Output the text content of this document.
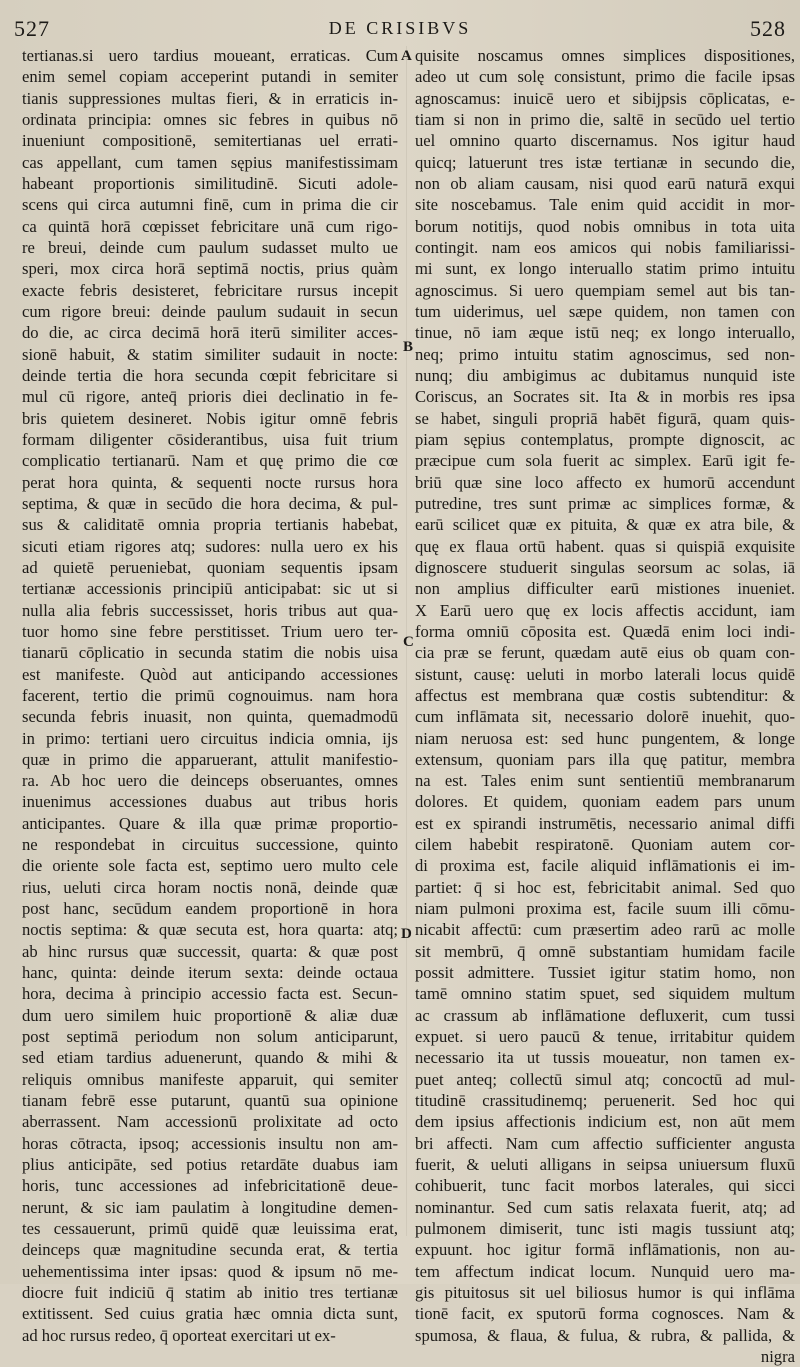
527	DE CRISIBVS	528
A
B
C
D
tertianas.si uero tardius moueant, erraticas. Cum
enim semel copiam acceperint putandi in semiter
tianis suppressiones multas fieri, & in erraticis in-
ordinata principia: omnes sic febres in quibus nō
inueniunt compositionē, semitertianas uel errati-
cas appellant, cum tamen sępius manifestissimam
habeant proportionis similitudinē. Sicuti adole-
scens qui circa autumni finē, cum in prima die cir
ca quintā horā cœpisset febricitare unā cum rigo-
re breui, deinde cum paulum sudasset multo ue
speri, mox circa horā septimā noctis, prius quàm
exacte febris desisteret, febricitare rursus incepit
cum rigore breui: deinde paulum sudauit in secun
do die, ac circa decimā horā iterū similiter acces-
sionē habuit, & statim similiter sudauit in nocte:
deinde tertia die hora secunda cœpit febricitare si
mul cū rigore, anteq̄ prioris diei declinatio in fe-
bris quietem desineret. Nobis igitur omnē febris
formam diligenter cōsiderantibus, uisa fuit trium
complicatio tertianarū. Nam et quę primo die cœ
perat hora quinta, & sequenti nocte rursus hora
septima, & quæ in secūdo die hora decima, & pul-
sus & caliditatē omnia propria tertianis habebat,
sicuti etiam rigores atq; sudores: nulla uero ex his
ad quietē perueniebat, quoniam sequentis ipsam
tertianæ accessionis principiū anticipabat: sic ut si
nulla alia febris successisset, horis tribus aut qua-
tuor homo sine febre perstitisset. Trium uero ter-
tianarū cōplicatio in secunda statim die nobis uisa
est manifeste. Quòd aut anticipando accessiones
facerent, tertio die primū cognouimus. nam hora
secunda febris inuasit, non quinta, quemadmodū
in primo: tertiani uero circuitus indicia omnia, ijs
quæ in primo die apparuerant, attulit manifestio-
ra. Ab hoc uero die deinceps obseruantes, omnes
inuenimus accessiones duabus aut tribus horis
anticipantes. Quare & illa quæ primæ proportio-
ne respondebat in circuitus successione, quinto
die oriente sole facta est, septimo uero multo cele
rius, ueluti circa horam noctis nonā, deinde quæ
post hanc, secūdum eandem proportionē in hora
noctis septima: & quæ secuta est, hora quarta: atq;
ab hinc rursus quæ successit, quarta: & quæ post
hanc, quinta: deinde iterum sexta: deinde octaua
hora, decima à principio accessio facta est. Secun-
dum uero similem huic proportionē & aliæ duæ
post septimā periodum non solum anticiparunt,
sed etiam tardius aduenerunt, quando & mihi &
reliquis omnibus manifeste apparuit, qui semiter
tianam febrē esse putarunt, quantū sua opinione
aberrassent. Nam accessionū prolixitate ad octo
horas cōtracta, ipsoq; accessionis insultu non am-
plius anticipāte, sed potius retardāte duabus iam
horis, tunc accessiones ad infebricitationē deue-
nerunt, & sic iam paulatim à longitudine demen-
tes cessauerunt, primū quidē quæ leuissima erat,
deinceps quæ magnitudine secunda erat, & tertia
uehementissima inter ipsas: quod & ipsum nō me-
diocre fuit indiciū q̄ statim ab initio tres tertianæ
extitissent. Sed cuius gratia hæc omnia dicta sunt,
ad hoc rursus redeo, q̄ oporteat exercitari ut ex-
quisite noscamus omnes simplices dispositiones,
adeo ut cum solę consistunt, primo die facile ipsas
agnoscamus: inuicē uero et sibijpsis cōplicatas, e-
tiam si non in primo die, saltē in secūdo uel tertio
uel omnino quarto discernamus. Nos igitur haud
quicq; latuerunt tres istæ tertianæ in secundo die,
non ob aliam causam, nisi quod earū naturā exqui
site noscebamus. Tale enim quid accidit in mor-
borum notitijs, quod nobis omnibus in tota uita
contingit. nam eos amicos qui nobis familiarissi-
mi sunt, ex longo interuallo statim primo intuitu
agnoscimus. Si uero quempiam semel aut bis tan-
tum uiderimus, uel sæpe quidem, non tamen con
tinue, nō iam æque istū neq; ex longo interuallo,
neq; primo intuitu statim agnoscimus, sed non-
nunq; diu ambigimus ac dubitamus nunquid iste
Coriscus, an Socrates sit. Ita & in morbis res ipsa
se habet, singuli propriā habēt figurā, quam quis-
piam sępius contemplatus, prompte dignoscit, ac
præcipue cum sola fuerit ac simplex. Earū igit fe-
briū quæ sine loco affecto ex humorū accendunt
putredine, tres sunt primæ ac simplices formæ, &
earū scilicet quæ ex pituita, & quæ ex atra bile, &
quę ex flaua ortū habent. quas si quispiā exquisite
dignoscere studuerit singulas seorsum ac solas, iā
non amplius difficulter earū mistiones inueniet.
X Earū uero quę ex locis affectis accidunt, iam
forma omniū cōposita est. Quædā enim loci indi-
cia præ se ferunt, quædam autē eius ob quam con-
sistunt, causę: ueluti in morbo laterali locus quidē
affectus est membrana quæ costis subtenditur: &
cum inflāmata sit, necessario dolorē inuehit, quo-
niam neruosa est: sed hunc pungentem, & longe
extensum, quoniam pars illa quę patitur, membra
na est. Tales enim sunt sentientiū membranarum
dolores. Et quidem, quoniam eadem pars unum
est ex spirandi instrumētis, necessario animal diffi
cilem habebit respiratonē. Quoniam autem cor-
di proxima est, facile aliquid inflāmationis ei im-
partiet: q̄ si hoc est, febricitabit animal. Sed quo
niam pulmoni proxima est, facile suum illi cōmu-
nicabit affectū: cum præsertim adeo rarū ac molle
sit membrū, q̄ omnē substantiam humidam facile
possit admittere. Tussiet igitur statim homo, non
tamē omnino statim spuet, sed siquidem multum
ac crassum ab inflāmatione defluxerit, cum tussi
expuet. si uero paucū & tenue, irritabitur quidem
necessario ita ut tussis moueatur, non tamen ex-
puet anteq; collectū simul atq; concoctū ad mul-
titudinē crassitudinemq; peruenerit. Sed hoc qui
dem ipsius affectionis indicium est, non aūt mem
bri affecti. Nam cum affectio sufficienter angusta
fuerit, & ueluti alligans in seipsa uniuersum fluxū
cohibuerit, tunc facit morbos laterales, qui sicci
nominantur. Sed cum satis relaxata fuerit, atq; ad
pulmonem dimiserit, tunc isti magis tussiunt atq;
expuunt. hoc igitur formā inflāmationis, non au-
tem affectum indicat locum. Nunquid uero ma-
gis pituitosus sit uel biliosus humor is qui inflāma
tionē facit, ex sputorū forma cognosces. Nam &
spumosa, & flaua, & fulua, & rubra, & pallida, &
nigra
